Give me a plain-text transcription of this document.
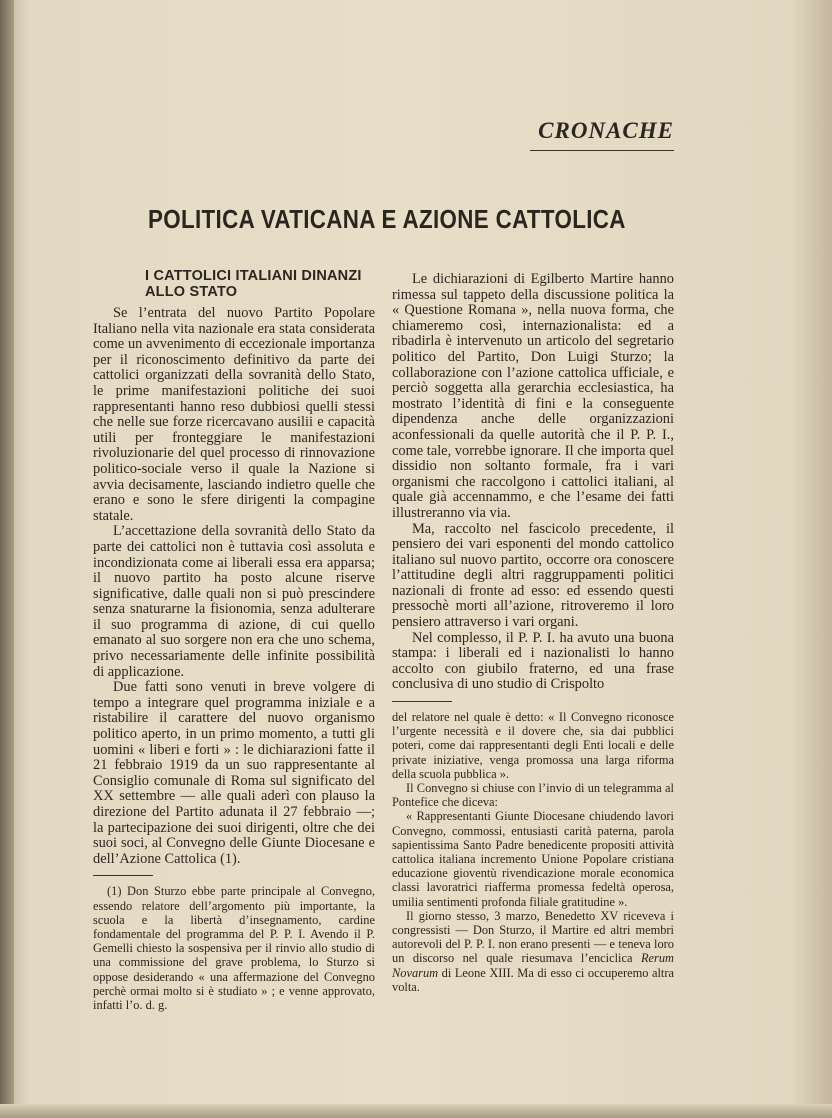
CRONACHE
POLITICA VATICANA E AZIONE CATTOLICA
I CATTOLICI ITALIANI DINANZI ALLO STATO

Se l’entrata del nuovo Partito Popolare Italiano nella vita nazionale era stata considerata come un avvenimento di eccezionale importanza per il riconoscimento definitivo da parte dei cattolici organizzati della sovranità dello Stato, le prime manifestazioni politiche dei suoi rappresentanti hanno reso dubbiosi quelli stessi che nelle sue forze ricercavano ausilii e capacità utili per fronteggiare le manifestazioni rivoluzionarie del quel processo di rinnovazione politico-sociale verso il quale la Nazione si avvia decisamente, lasciando indietro quelle che erano e sono le sfere dirigenti la compagine statale.

L’accettazione della sovranità dello Stato da parte dei cattolici non è tuttavia così assoluta e incondizionata come ai liberali essa era apparsa; il nuovo partito ha posto alcune riserve significative, dalle quali non si può prescindere senza snaturarne la fisionomia, senza adulterare il suo programma di azione, di cui quello emanato al suo sorgere non era che uno schema, privo necessariamente delle infinite possibilità di applicazione.

Due fatti sono venuti in breve volgere di tempo a integrare quel programma iniziale e a ristabilire il carattere del nuovo organismo politico aperto, in un primo momento, a tutti gli uomini « liberi e forti » : le dichiarazioni fatte il 21 febbraio 1919 da un suo rappresentante al Consiglio comunale di Roma sul significato del XX settembre — alle quali aderì con plauso la direzione del Partito adunata il 27 febbraio —; la partecipazione dei suoi dirigenti, oltre che dei suoi soci, al Convegno delle Giunte Diocesane e dell’Azione Cattolica (1).

(1) Don Sturzo ebbe parte principale al Convegno, essendo relatore dell’argomento più importante, la scuola e la libertà d’insegnamento, cardine fondamentale del programma del P. P. I. Avendo il P. Gemelli chiesto la sospensiva per il rinvio allo studio di una commissione del grave problema, lo Sturzo si oppose desiderando « una affermazione del Convegno perchè ormai molto si è studiato » ; e venne approvato, infatti l’o. d. g.

Le dichiarazioni di Egilberto Martire hanno rimessa sul tappeto della discussione politica la « Questione Romana », nella nuova forma, che chiameremo così, internazionalista: ed a ribadirla è intervenuto un articolo del segretario politico del Partito, Don Luigi Sturzo; la collaborazione con l’azione cattolica ufficiale, e perciò soggetta alla gerarchia ecclesiastica, ha mostrato l’identità di fini e la conseguente dipendenza anche delle organizzazioni aconfessionali da quelle autorità che il P. P. I., come tale, vorrebbe ignorare. Il che importa quel dissidio non soltanto formale, fra i vari organismi che raccolgono i cattolici italiani, al quale già accennammo, e che l’esame dei fatti illustreranno via via.

Ma, raccolto nel fascicolo precedente, il pensiero dei vari esponenti del mondo cattolico italiano sul nuovo partito, occorre ora conoscere l’attitudine degli altri raggruppamenti politici nazionali di fronte ad esso: ed essendo questi pressochè morti all’azione, ritroveremo il loro pensiero attraverso i vari organi.

Nel complesso, il P. P. I. ha avuto una buona stampa: i liberali ed i nazionalisti lo hanno accolto con giubilo fraterno, ed una frase conclusiva di uno studio di Crispolto

del relatore nel quale è detto: « Il Convegno riconosce l’urgente necessità e il dovere che, sia dai pubblici poteri, come dai rappresentanti degli Enti locali e delle private iniziative, venga promossa una larga riforma della scuola pubblica ».

Il Convegno si chiuse con l’invio di un telegramma al Pontefice che diceva:

« Rappresentanti Giunte Diocesane chiudendo lavori Convegno, commossi, entusiasti carità paterna, parola sapientissima Santo Padre benedicente propositi attività cattolica italiana incremento Unione Popolare cristiana educazione gioventù rivendicazione morale economica classi lavoratrici riafferma promessa fedeltà operosa, umilia sentimenti profonda filiale gratitudine ».

Il giorno stesso, 3 marzo, Benedetto XV riceveva i congressisti — Don Sturzo, il Martire ed altri membri autorevoli del P. P. I. non erano presenti — e teneva loro un discorso nel quale riesumava l’enciclica Rerum Novarum di Leone XIII. Ma di esso ci occuperemo altra volta.
